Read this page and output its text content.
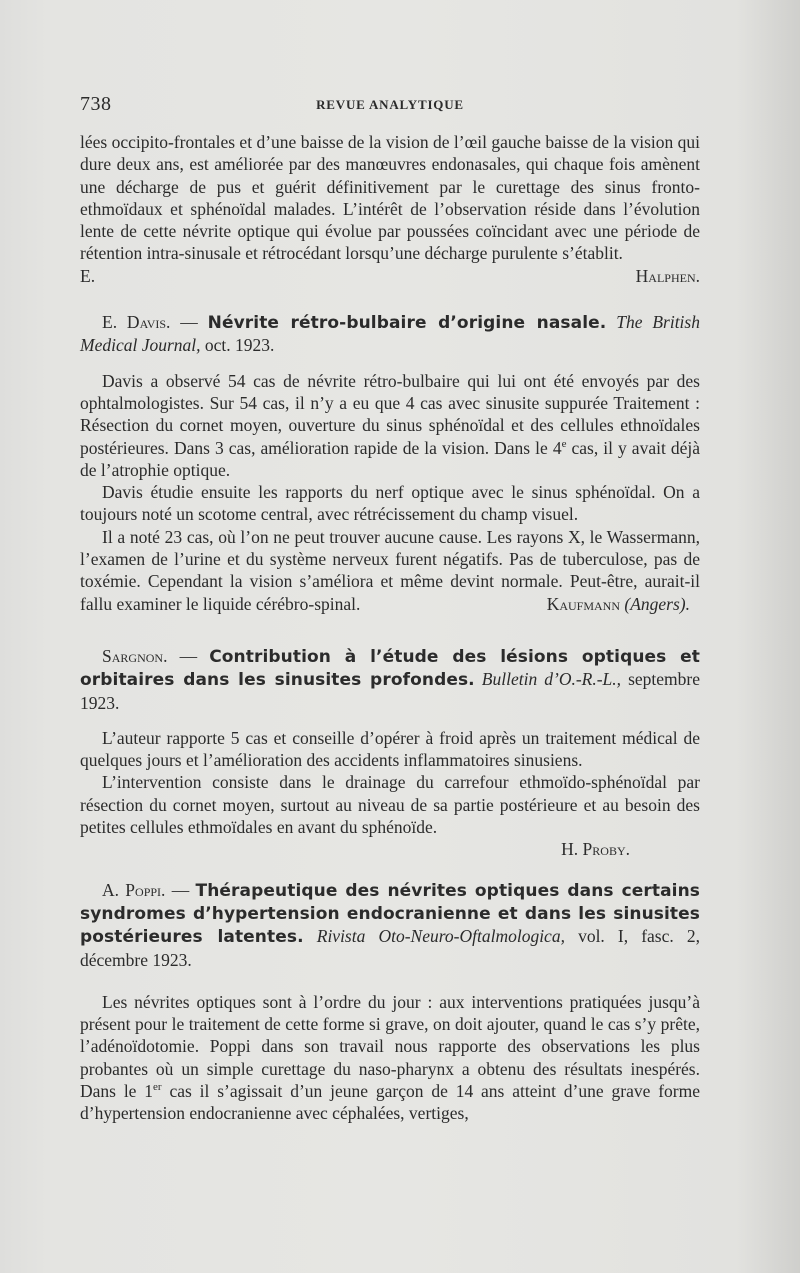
738	REVUE ANALYTIQUE

lées occipito-frontales et d’une baisse de la vision de l’œil gauche baisse de la vision qui dure deux ans, est améliorée par des manœuvres endonasales, qui chaque fois amènent une décharge de pus et guérit définitivement par le curettage des sinus fronto-ethmoïdaux et sphénoïdal malades. L’intérêt de l’observation réside dans l’évolution lente de cette névrite optique qui évolue par poussées coïncidant avec une période de rétention intra-sinusale et rétrocédant lorsqu’une décharge purulente s’établit.

E. Halphen.

E. Davis. — Névrite rétro-bulbaire d’origine nasale. The British Medical Journal, oct. 1923.

Davis a observé 54 cas de névrite rétro-bulbaire qui lui ont été envoyés par des ophtalmologistes. Sur 54 cas, il n’y a eu que 4 cas avec sinusite suppurée Traitement : Résection du cornet moyen, ouverture du sinus sphénoïdal et des cellules ethnoïdales postérieures. Dans 3 cas, amélioration rapide de la vision. Dans le 4e cas, il y avait déjà de l’atrophie optique.

Davis étudie ensuite les rapports du nerf optique avec le sinus sphénoïdal. On a toujours noté un scotome central, avec rétrécissement du champ visuel.

Il a noté 23 cas, où l’on ne peut trouver aucune cause. Les rayons X, le Wassermann, l’examen de l’urine et du système nerveux furent négatifs. Pas de tuberculose, pas de toxémie. Cependant la vision s’améliora et même devint normale. Peut-être, aurait-il fallu examiner le liquide cérébro-spinal.	Kaufmann (Angers).

Sargnon. — Contribution à l’étude des lésions optiques et orbitaires dans les sinusites profondes. Bulletin d’O.-R.-L., septembre 1923.

L’auteur rapporte 5 cas et conseille d’opérer à froid après un traitement médical de quelques jours et l’amélioration des accidents inflammatoires sinusiens.

L’intervention consiste dans le drainage du carrefour ethmoïdo-sphénoïdal par résection du cornet moyen, surtout au niveau de sa partie postérieure et au besoin des petites cellules ethmoïdales en avant du sphénoïde.

H. Proby.

A. Poppi. — Thérapeutique des névrites optiques dans certains syndromes d’hypertension endocranienne et dans les sinusites postérieures latentes. Rivista Oto-Neuro-Oftalmologica, vol. I, fasc. 2, décembre 1923.

Les névrites optiques sont à l’ordre du jour : aux interventions pratiquées jusqu’à présent pour le traitement de cette forme si grave, on doit ajouter, quand le cas s’y prête, l’adénoïdotomie. Poppi dans son travail nous rapporte des observations les plus probantes où un simple curettage du naso-pharynx a obtenu des résultats inespérés. Dans le 1er cas il s’agissait d’un jeune garçon de 14 ans atteint d’une grave forme d’hypertension endocranienne avec céphalées, vertiges,
